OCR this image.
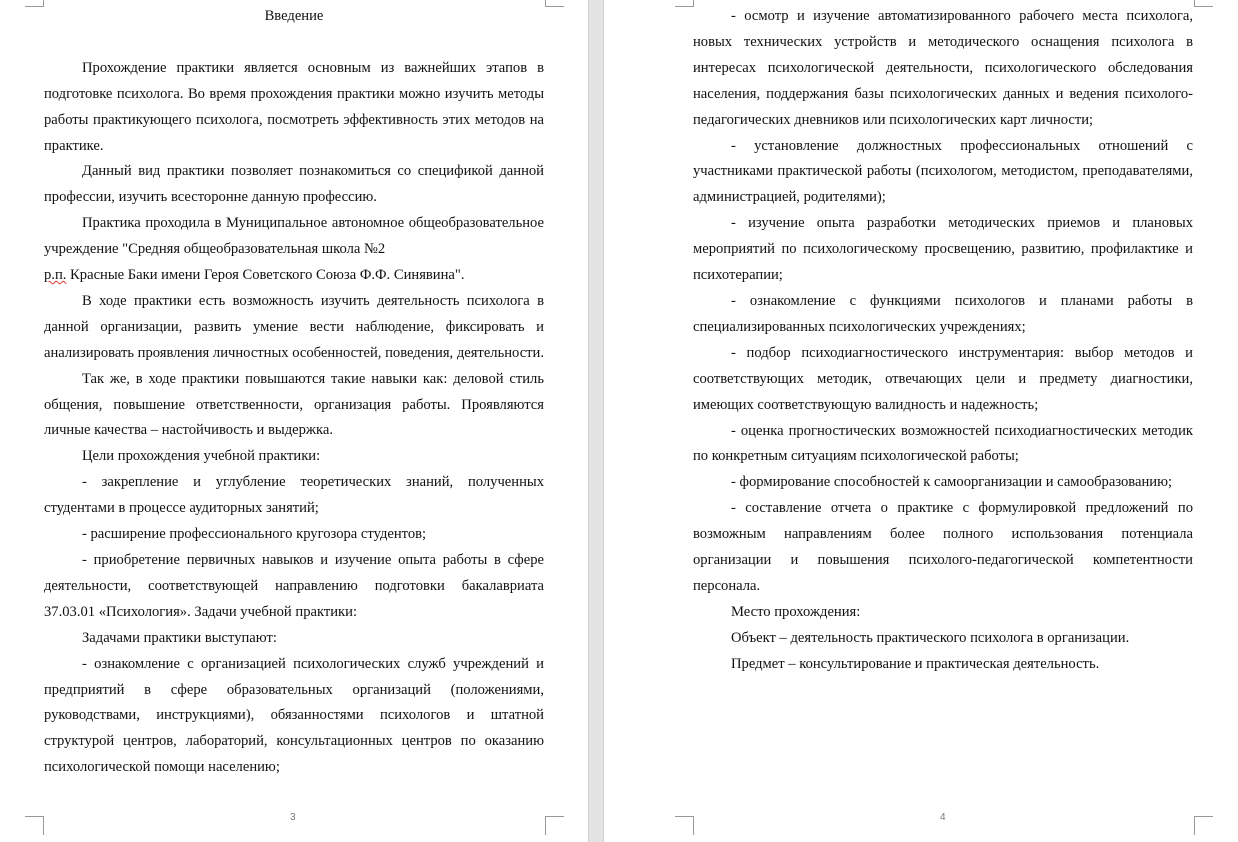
Введение

Прохождение практики является основным из важнейших этапов в подготовке психолога. Во время прохождения практики можно изучить методы работы практикующего психолога, посмотреть эффективность этих методов на практике.

Данный вид практики позволяет познакомиться со спецификой данной профессии, изучить всесторонне данную профессию.

Практика проходила в Муниципальное автономное общеобразовательное учреждение "Средняя общеобразовательная школа №2

р.п. Красные Баки имени Героя Советского Союза Ф.Ф. Синявина".

В ходе практики есть возможность изучить деятельность психолога в данной организации, развить умение вести наблюдение, фиксировать и анализировать проявления личностных особенностей, поведения, деятельности.

Так же, в ходе практики повышаются такие навыки как: деловой стиль общения, повышение ответственности, организация работы. Проявляются личные качества – настойчивость и выдержка.

Цели прохождения учебной практики:

- закрепление и углубление теоретических знаний, полученных студентами в процессе аудиторных занятий;

- расширение профессионального кругозора студентов;

- приобретение первичных навыков и изучение опыта работы в сфере деятельности, соответствующей направлению подготовки бакалавриата 37.03.01 «Психология». Задачи учебной практики:

Задачами практики выступают:

- ознакомление с организацией психологических служб учреждений и предприятий в сфере образовательных организаций (положениями, руководствами, инструкциями), обязанностями психологов и штатной структурой центров, лабораторий, консультационных центров по оказанию психологической помощи населению;

3

- осмотр и изучение автоматизированного рабочего места психолога, новых технических устройств и методического оснащения психолога в интересах психологической деятельности, психологического обследования населения, поддержания базы психологических данных и ведения психолого-педагогических дневников или психологических карт личности;

- установление должностных профессиональных отношений с участниками практической работы (психологом, методистом, преподавателями, администрацией, родителями);

- изучение опыта разработки методических приемов и плановых мероприятий по психологическому просвещению, развитию, профилактике и психотерапии;

- ознакомление с функциями психологов и планами работы в специализированных психологических учреждениях;

- подбор психодиагностического инструментария: выбор методов и соответствующих методик, отвечающих цели и предмету диагностики, имеющих соответствующую валидность и надежность;

- оценка прогностических возможностей психодиагностических методик по конкретным ситуациям психологической работы;

- формирование способностей к самоорганизации и самообразованию;

- составление отчета о практике с формулировкой предложений по возможным направлениям более полного использования потенциала организации и повышения психолого-педагогической компетентности персонала.

Место прохождения:

Объект – деятельность практического психолога в организации.

Предмет – консультирование и практическая деятельность.

4
